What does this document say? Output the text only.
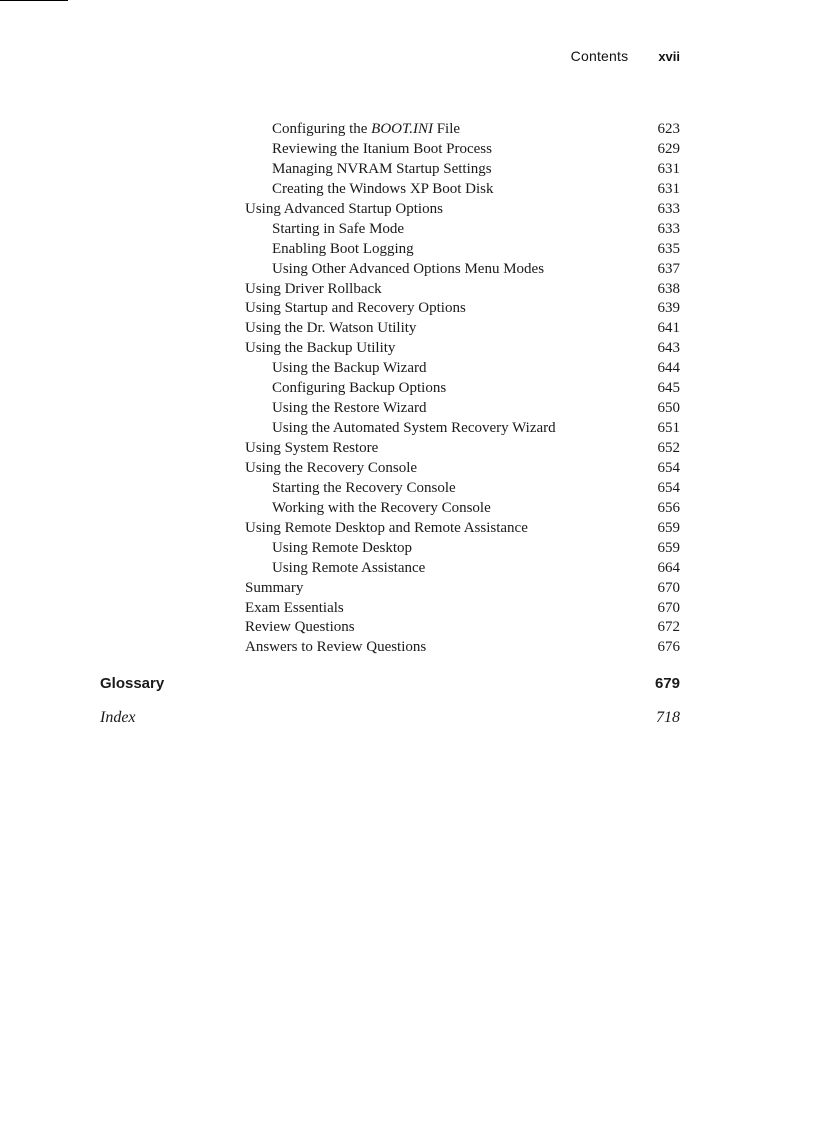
Contents xvii
Configuring the BOOT.INI File	623
Reviewing the Itanium Boot Process	629
Managing NVRAM Startup Settings	631
Creating the Windows XP Boot Disk	631
Using Advanced Startup Options	633
Starting in Safe Mode	633
Enabling Boot Logging	635
Using Other Advanced Options Menu Modes	637
Using Driver Rollback	638
Using Startup and Recovery Options	639
Using the Dr. Watson Utility	641
Using the Backup Utility	643
Using the Backup Wizard	644
Configuring Backup Options	645
Using the Restore Wizard	650
Using the Automated System Recovery Wizard	651
Using System Restore	652
Using the Recovery Console	654
Starting the Recovery Console	654
Working with the Recovery Console	656
Using Remote Desktop and Remote Assistance	659
Using Remote Desktop	659
Using Remote Assistance	664
Summary	670
Exam Essentials	670
Review Questions	672
Answers to Review Questions	676
Glossary	679
Index	718
